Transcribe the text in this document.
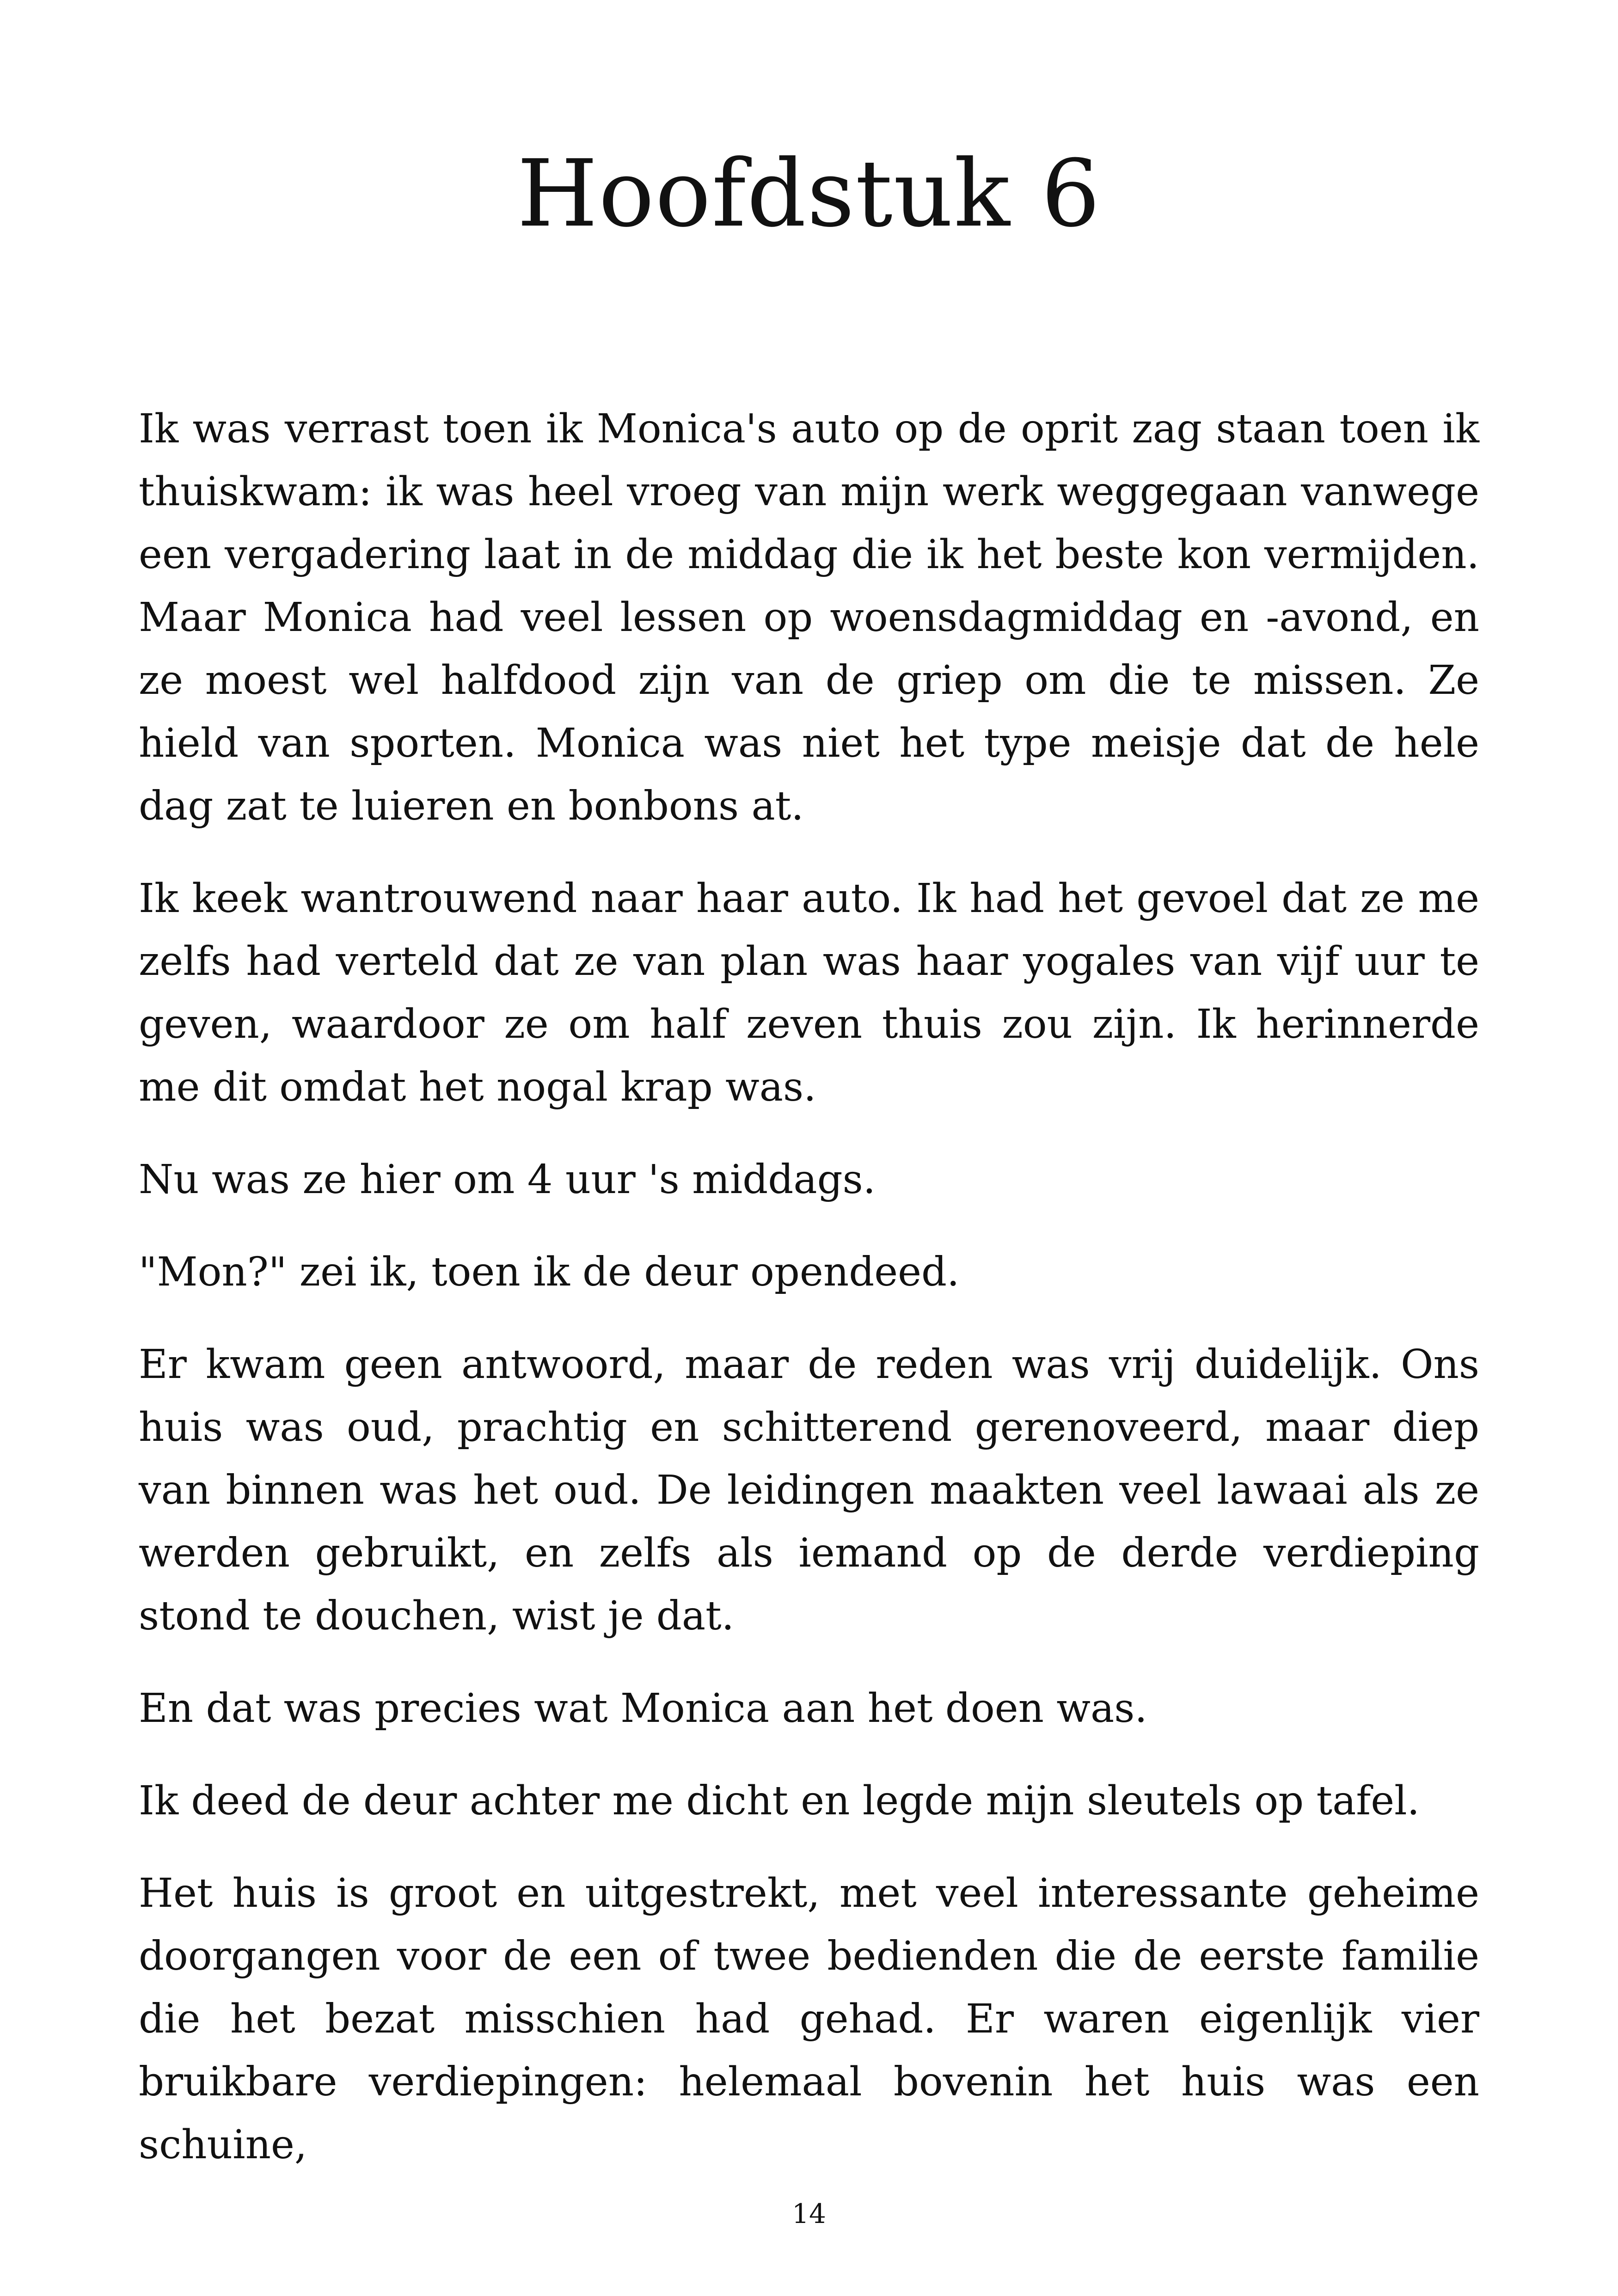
Hoofdstuk 6

Ik was verrast toen ik Monica's auto op de oprit zag staan toen ik thuiskwam: ik was heel vroeg van mijn werk weggegaan vanwege een vergadering laat in de middag die ik het beste kon vermijden. Maar Monica had veel lessen op woensdagmiddag en -avond, en ze moest wel halfdood zijn van de griep om die te missen. Ze hield van sporten. Monica was niet het type meisje dat de hele dag zat te luieren en bonbons at.

Ik keek wantrouwend naar haar auto. Ik had het gevoel dat ze me zelfs had verteld dat ze van plan was haar yogales van vijf uur te geven, waardoor ze om half zeven thuis zou zijn. Ik herinnerde me dit omdat het nogal krap was.

Nu was ze hier om 4 uur 's middags.

"Mon?" zei ik, toen ik de deur opendeed.

Er kwam geen antwoord, maar de reden was vrij duidelijk. Ons huis was oud, prachtig en schitterend gerenoveerd, maar diep van binnen was het oud. De leidingen maakten veel lawaai als ze werden gebruikt, en zelfs als iemand op de derde verdieping stond te douchen, wist je dat.

En dat was precies wat Monica aan het doen was.

Ik deed de deur achter me dicht en legde mijn sleutels op tafel.

Het huis is groot en uitgestrekt, met veel interessante geheime doorgangen voor de een of twee bedienden die de eerste familie die het bezat misschien had gehad. Er waren eigenlijk vier bruikbare verdiepingen: helemaal bovenin het huis was een schuine,

14
